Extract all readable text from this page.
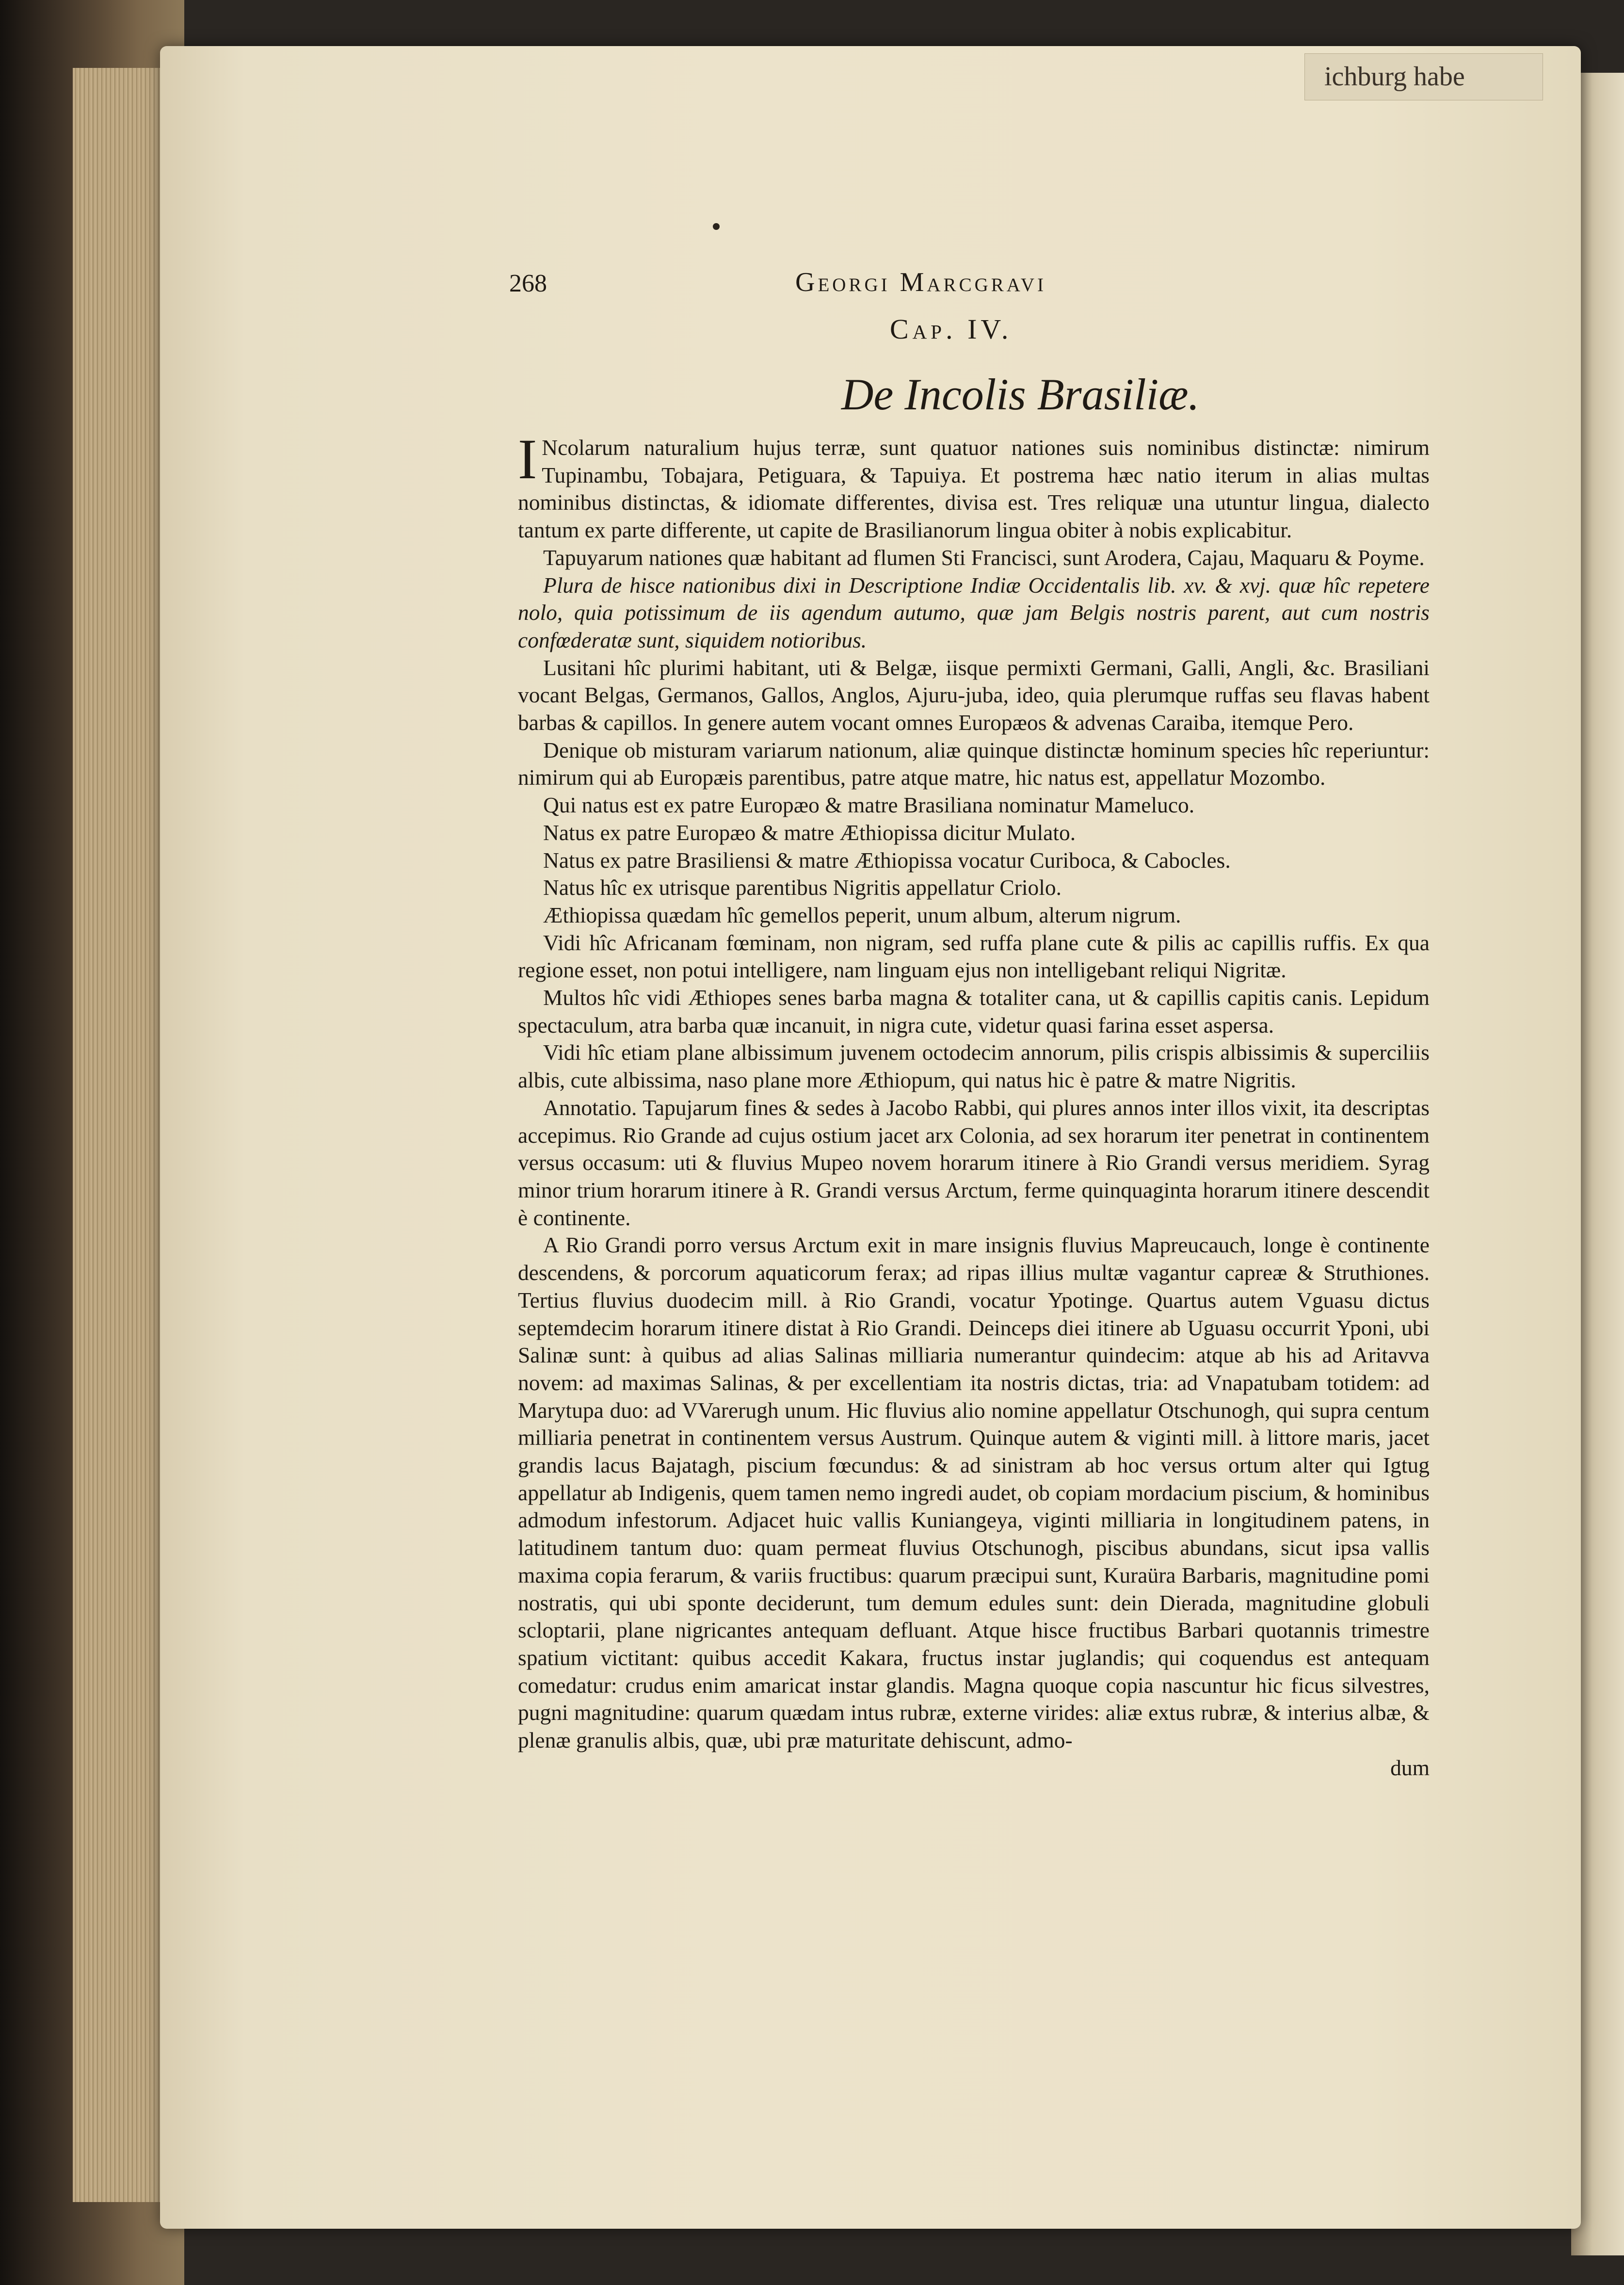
ichburg habe
268	Georgi Marcgravi
Cap. IV.
De Incolis Brasiliæ.

I Ncolarum naturalium hujus terræ, sunt quatuor nationes suis nominibus distinctæ: nimirum Tupinambu, Tobajara, Petiguara, & Tapuiya. Et postrema hæc natio iterum in alias multas nominibus distinctas, & idiomate differentes, divisa est. Tres reliquæ una utuntur lingua, dialecto tantum ex parte differente, ut capite de Brasilianorum lingua obiter à nobis explicabitur.

Tapuyarum nationes quæ habitant ad flumen Sti Francisci, sunt Arodera, Cajau, Maquaru & Poyme.

Plura de hisce nationibus dixi in Descriptione Indiæ Occidentalis lib. xv. & xvj. quæ hîc repetere nolo, quia potissimum de iis agendum autumo, quæ jam Belgis nostris parent, aut cum nostris confœderatæ sunt, siquidem notioribus.

Lusitani hîc plurimi habitant, uti & Belgæ, iisque permixti Germani, Galli, Angli, &c. Brasiliani vocant Belgas, Germanos, Gallos, Anglos, Ajuru-juba, ideo, quia plerumque ruffas seu flavas habent barbas & capillos. In genere autem vocant omnes Europæos & advenas Caraiba, itemque Pero.

Denique ob misturam variarum nationum, aliæ quinque distinctæ hominum species hîc reperiuntur: nimirum qui ab Europæis parentibus, patre atque matre, hic natus est, appellatur Mozombo.

Qui natus est ex patre Europæo & matre Brasiliana nominatur Mameluco.

Natus ex patre Europæo & matre Æthiopissa dicitur Mulato.

Natus ex patre Brasiliensi & matre Æthiopissa vocatur Curiboca, & Cabocles.

Natus hîc ex utrisque parentibus Nigritis appellatur Criolo.

Æthiopissa quædam hîc gemellos peperit, unum album, alterum nigrum.

Vidi hîc Africanam fœminam, non nigram, sed ruffa plane cute & pilis ac capillis ruffis. Ex qua regione esset, non potui intelligere, nam linguam ejus non intelligebant reliqui Nigritæ.

Multos hîc vidi Æthiopes senes barba magna & totaliter cana, ut & capillis capitis canis. Lepidum spectaculum, atra barba quæ incanuit, in nigra cute, videtur quasi farina esset aspersa.

Vidi hîc etiam plane albissimum juvenem octodecim annorum, pilis crispis albissimis & superciliis albis, cute albissima, naso plane more Æthiopum, qui natus hic è patre & matre Nigritis.

Annotatio. Tapujarum fines & sedes à Jacobo Rabbi, qui plures annos inter illos vixit, ita descriptas accepimus. Rio Grande ad cujus ostium jacet arx Colonia, ad sex horarum iter penetrat in continentem versus occasum: uti & fluvius Mupeo novem horarum itinere à Rio Grandi versus meridiem. Syrag minor trium horarum itinere à R. Grandi versus Arctum, ferme quinquaginta horarum itinere descendit è continente.

A Rio Grandi porro versus Arctum exit in mare insignis fluvius Mapreucauch, longe è continente descendens, & porcorum aquaticorum ferax; ad ripas illius multæ vagantur capreæ & Struthiones. Tertius fluvius duodecim mill. à Rio Grandi, vocatur Ypotinge. Quartus autem Vguasu dictus septemdecim horarum itinere distat à Rio Grandi. Deinceps diei itinere ab Uguasu occurrit Yponi, ubi Salinæ sunt: à quibus ad alias Salinas milliaria numerantur quindecim: atque ab his ad Aritavva novem: ad maximas Salinas, & per excellentiam ita nostris dictas, tria: ad Vnapatubam totidem: ad Marytupa duo: ad VVarerugh unum. Hic fluvius alio nomine appellatur Otschunogh, qui supra centum milliaria penetrat in continentem versus Austrum. Quinque autem & viginti mill. à littore maris, jacet grandis lacus Bajatagh, piscium fœcundus: & ad sinistram ab hoc versus ortum alter qui Igtug appellatur ab Indigenis, quem tamen nemo ingredi audet, ob copiam mordacium piscium, & hominibus admodum infestorum. Adjacet huic vallis Kuniangeya, viginti milliaria in longitudinem patens, in latitudinem tantum duo: quam permeat fluvius Otschunogh, piscibus abundans, sicut ipsa vallis maxima copia ferarum, & variis fructibus: quarum præcipui sunt, Kuraüra Barbaris, magnitudine pomi nostratis, qui ubi sponte deciderunt, tum demum edules sunt: dein Dierada, magnitudine globuli scloptarii, plane nigricantes antequam defluant. Atque hisce fructibus Barbari quotannis trimestre spatium victitant: quibus accedit Kakara, fructus instar juglandis; qui coquendus est antequam comedatur: crudus enim amaricat instar glandis. Magna quoque copia nascuntur hic ficus silvestres, pugni magnitudine: quarum quædam intus rubræ, externe virides: aliæ extus rubræ, & interius albæ, & plenæ granulis albis, quæ, ubi præ maturitate dehiscunt, admo-

dum
